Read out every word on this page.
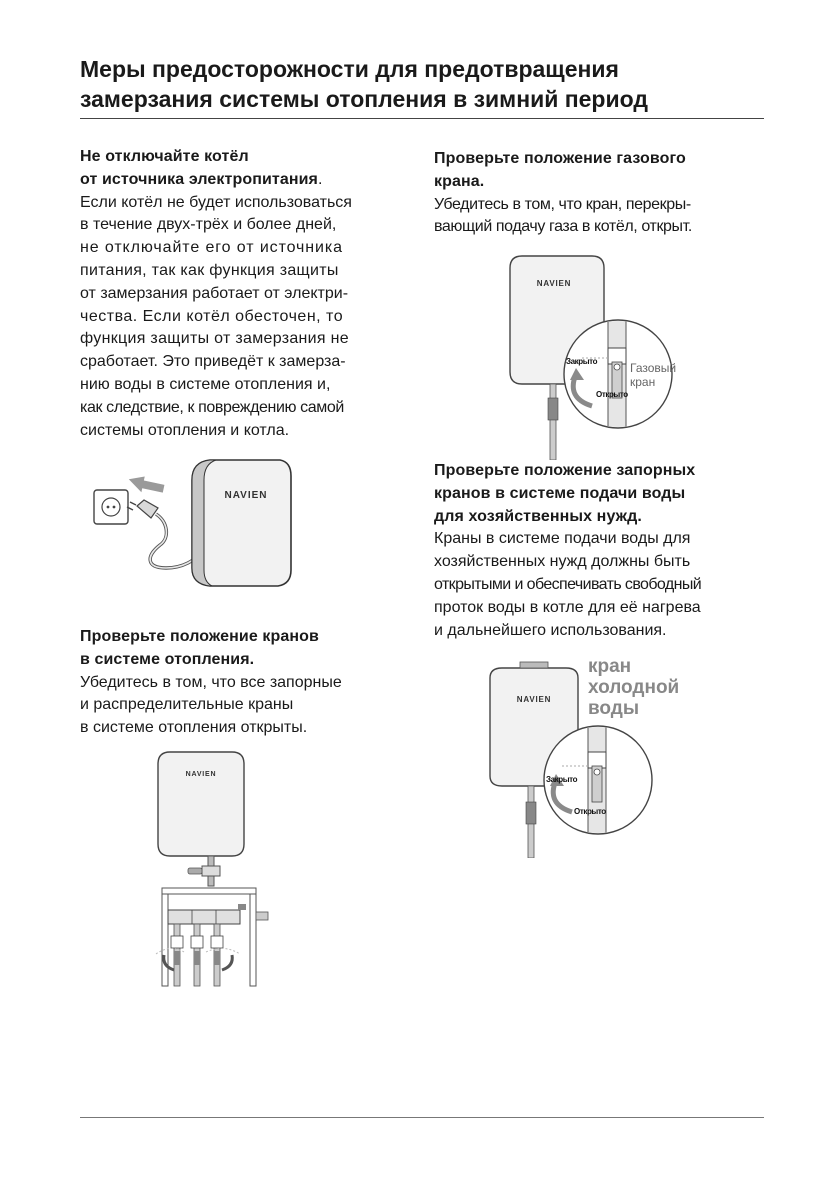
Меры предосторожности для предотвращения
замерзания системы отопления в зимний период
Не отключайте котёл
от источника электропитания.
Если котёл не будет использоваться
в течение двух-трёх и более дней,
не отключайте его от источника
питания, так как функция защиты
от замерзания работает от электри-
чества. Если котёл обесточен, то
функция защиты от замерзания не
сработает. Это приведёт к замерза-
нию воды в системе отопления и,
как следствие, к повреждению самой
системы отопления и котла.
NAVIEN
Проверьте положение кранов
в системе отопления.
Убедитесь в том, что все запорные
и распределительные краны
в системе отопления открыты.
NAVIEN
Проверьте положение газового
крана.
Убедитесь в том, что кран, перекры-
вающий подачу газа в котёл, открыт.
NAVIEN
Закрыто
Открыто
Газовый
кран
Проверьте положение запорных
кранов в системе подачи воды
для хозяйственных нужд.
Краны в системе подачи воды для
хозяйственных нужд должны быть
открытыми и обеспечивать свободный
проток воды в котле для её нагрева
и дальнейшего использования.
NAVIEN
кран
холодной
воды
Закрыто
Открыто
